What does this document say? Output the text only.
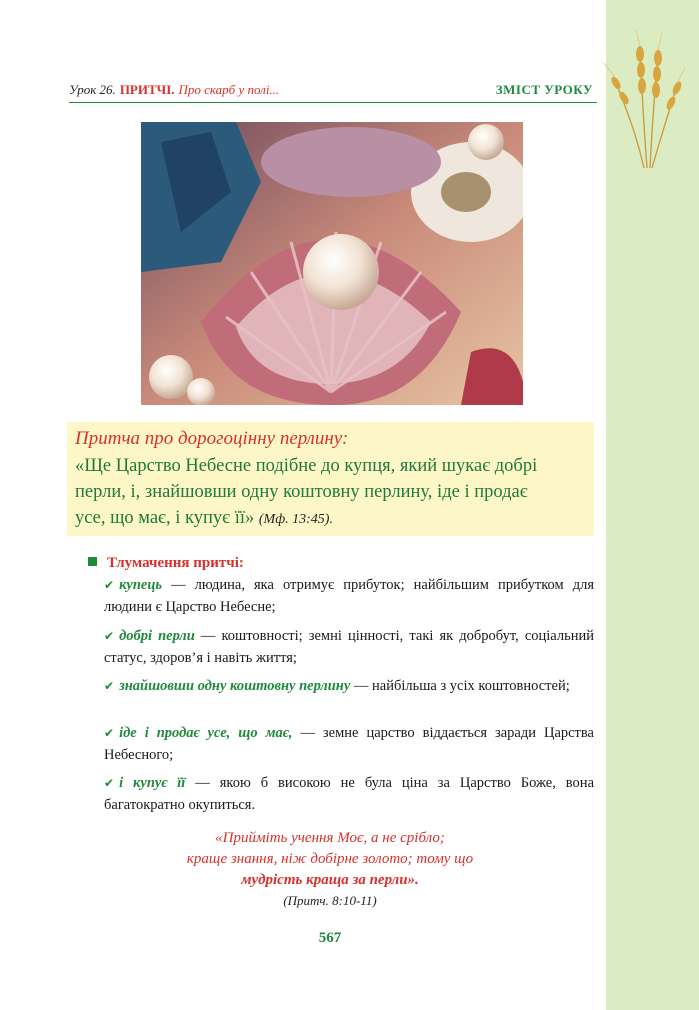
Урок 26. ПРИТЧІ. Про скарб у полі...	ЗМІСТ УРОКУ
Притча про дорогоцінну перлину:
«Ще Царство Небесне подібне до купця, який шукає добрі
перли, і, знайшовши одну коштовну перлину, іде і продає
усе, що має, і купує її» (Мф. 13:45).
Тлумачення притчі:
✔ купець — людина, яка отримує прибуток; найбільшим прибутком для людини є Царство Небесне;
✔ добрі перли — коштовності; земні цінності, такі як добробут, соціальний статус, здоров’я і навіть життя;
✔ знайшовши одну коштовну перлину — найбільша з усіх коштовностей;
✔ іде і продає усе, що має, — земне царство віддається заради Царства Небесного;
✔ і купує її — якою б високою не була ціна за Царство Боже, вона багатократно окупиться.
«Прийміть учення Моє, а не срібло;
краще знання, ніж добірне золото; тому що
мудрість краща за перли».
(Притч. 8:10-11)
567
